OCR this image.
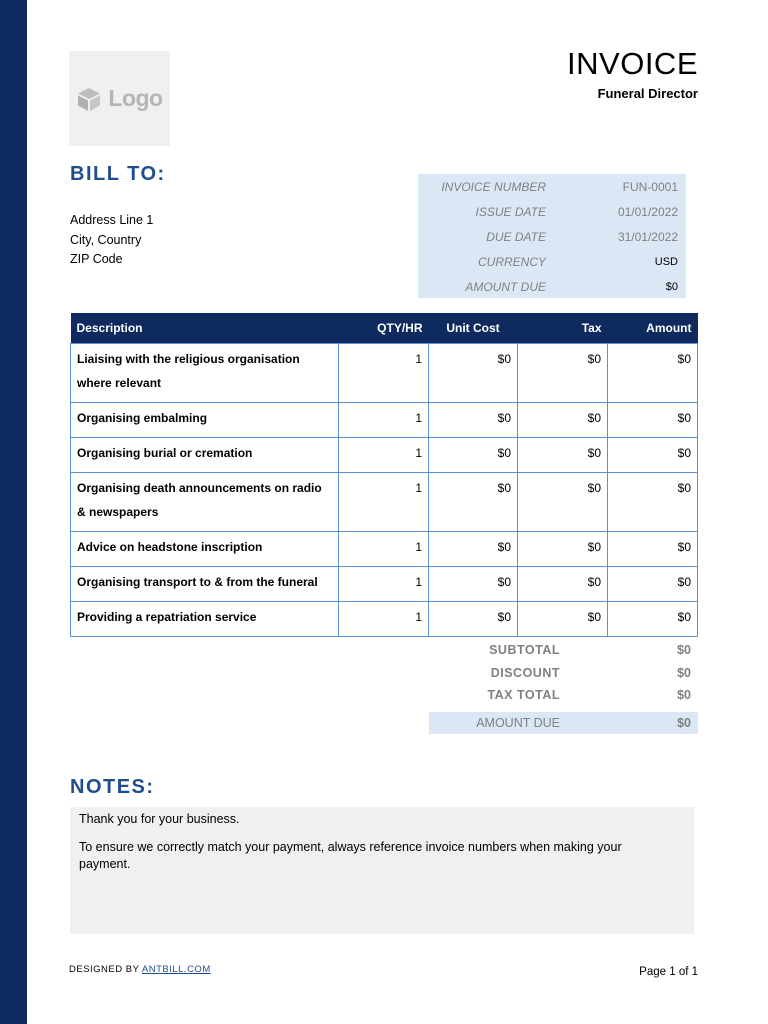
Logo
INVOICE
Funeral Director
BILL TO:
Address Line 1
City, Country
ZIP Code
INVOICE NUMBER	FUN-0001
ISSUE DATE	01/01/2022
DUE DATE	31/01/2022
CURRENCY	USD
AMOUNT DUE	$0
Description	QTY/HR	Unit Cost	Tax	Amount
Liaising with the religious organisation where relevant	1	$0	$0	$0
Organising embalming	1	$0	$0	$0
Organising burial or cremation	1	$0	$0	$0
Organising death announcements on radio & newspapers	1	$0	$0	$0
Advice on headstone inscription	1	$0	$0	$0
Organising transport to & from the funeral	1	$0	$0	$0
Providing a repatriation service	1	$0	$0	$0
SUBTOTAL	$0
DISCOUNT	$0
TAX TOTAL	$0
AMOUNT DUE	$0
NOTES:
Thank you for your business.
To ensure we correctly match your payment, always reference invoice numbers when making your payment.
DESIGNED BY ANTBILL.COM	Page 1 of 1
